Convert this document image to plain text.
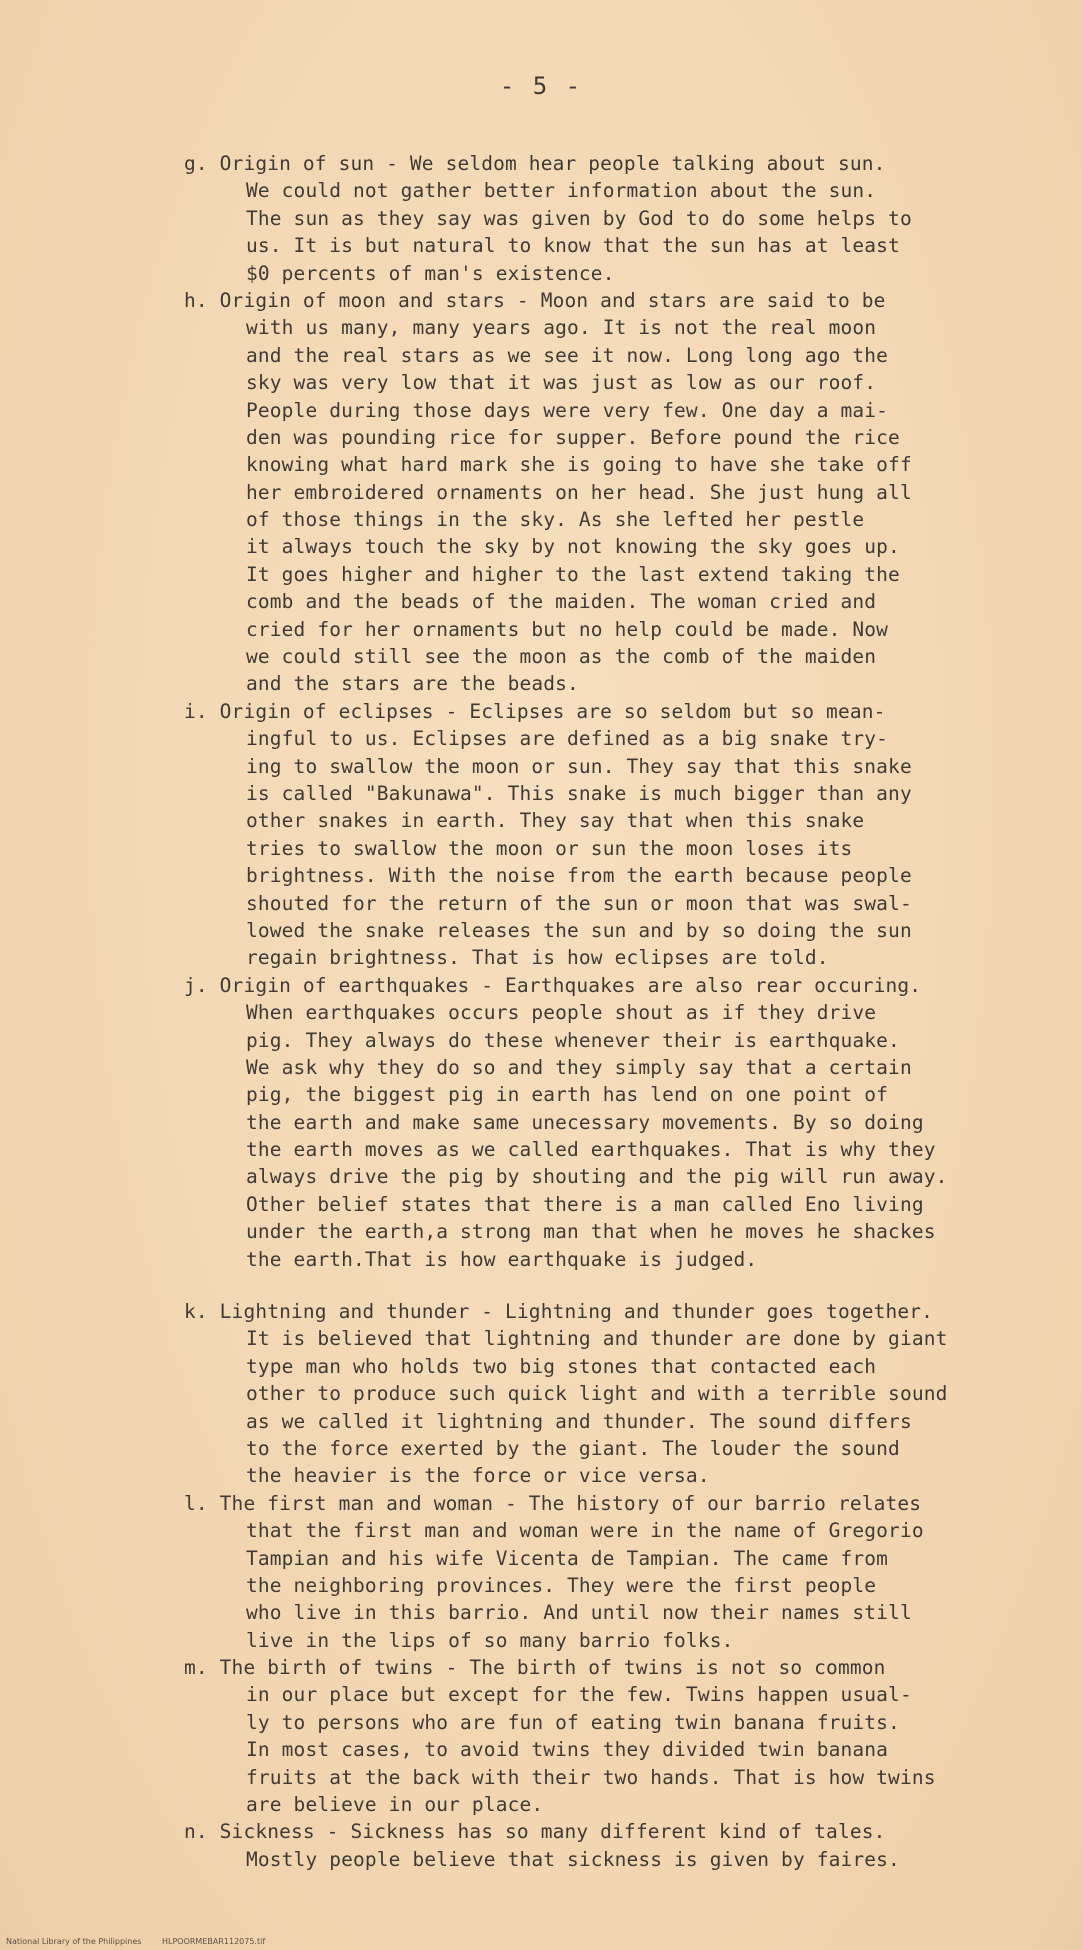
- 5 -
g. Origin of sun - We seldom hear people talking about sun.
We could not gather better information about the sun.
The sun as they say was given by God to do some helps to
us. It is but natural to know that the sun has at least
$0 percents of man's existence.
h. Origin of moon and stars - Moon and stars are said to be
with us many, many years ago. It is not the real moon
and the real stars as we see it now. Long long ago the
sky was very low that it was just as low as our roof.
People during those days were very few. One day a mai-
den was pounding rice for supper. Before pound the rice
knowing what hard mark she is going to have she take off
her embroidered ornaments on her head. She just hung all
of those things in the sky. As she lefted her pestle
it always touch the sky by not knowing the sky goes up.
It goes higher and higher to the last extend taking the
comb and the beads of the maiden. The woman cried and
cried for her ornaments but no help could be made. Now
we could still see the moon as the comb of the maiden
and the stars are the beads.
i. Origin of eclipses - Eclipses are so seldom but so mean-
ingful to us. Eclipses are defined as a big snake try-
ing to swallow the moon or sun. They say that this snake
is called "Bakunawa". This snake is much bigger than any
other snakes in earth. They say that when this snake
tries to swallow the moon or sun the moon loses its
brightness. With the noise from the earth because people
shouted for the return of the sun or moon that was swal-
lowed the snake releases the sun and by so doing the sun
regain brightness. That is how eclipses are told.
j. Origin of earthquakes - Earthquakes are also rear occuring.
When earthquakes occurs people shout as if they drive
pig. They always do these whenever their is earthquake.
We ask why they do so and they simply say that a certain
pig, the biggest pig in earth has lend on one point of
the earth and make same unecessary movements. By so doing
the earth moves as we called earthquakes. That is why they
always drive the pig by shouting and the pig will run away.
Other belief states that there is a man called Eno living
under the earth,a strong man that when he moves he shackes
the earth.That is how earthquake is judged.
k. Lightning and thunder - Lightning and thunder goes together.
It is believed that lightning and thunder are done by giant
type man who holds two big stones that contacted each
other to produce such quick light and with a terrible sound
as we called it lightning and thunder. The sound differs
to the force exerted by the giant. The louder the sound
the heavier is the force or vice versa.
l. The first man and woman - The history of our barrio relates
that the first man and woman were in the name of Gregorio
Tampian and his wife Vicenta de Tampian. The came from
the neighboring provinces. They were the first people
who live in this barrio. And until now their names still
live in the lips of so many barrio folks.
m. The birth of twins - The birth of twins is not so common
in our place but except for the few. Twins happen usual-
ly to persons who are fun of eating twin banana fruits.
In most cases, to avoid twins they divided twin banana
fruits at the back with their two hands. That is how twins
are believe in our place.
n. Sickness - Sickness has so many different kind of tales.
Mostly people believe that sickness is given by faires.
National Library of the Philippines	HLPOORMEBAR112075.tif
